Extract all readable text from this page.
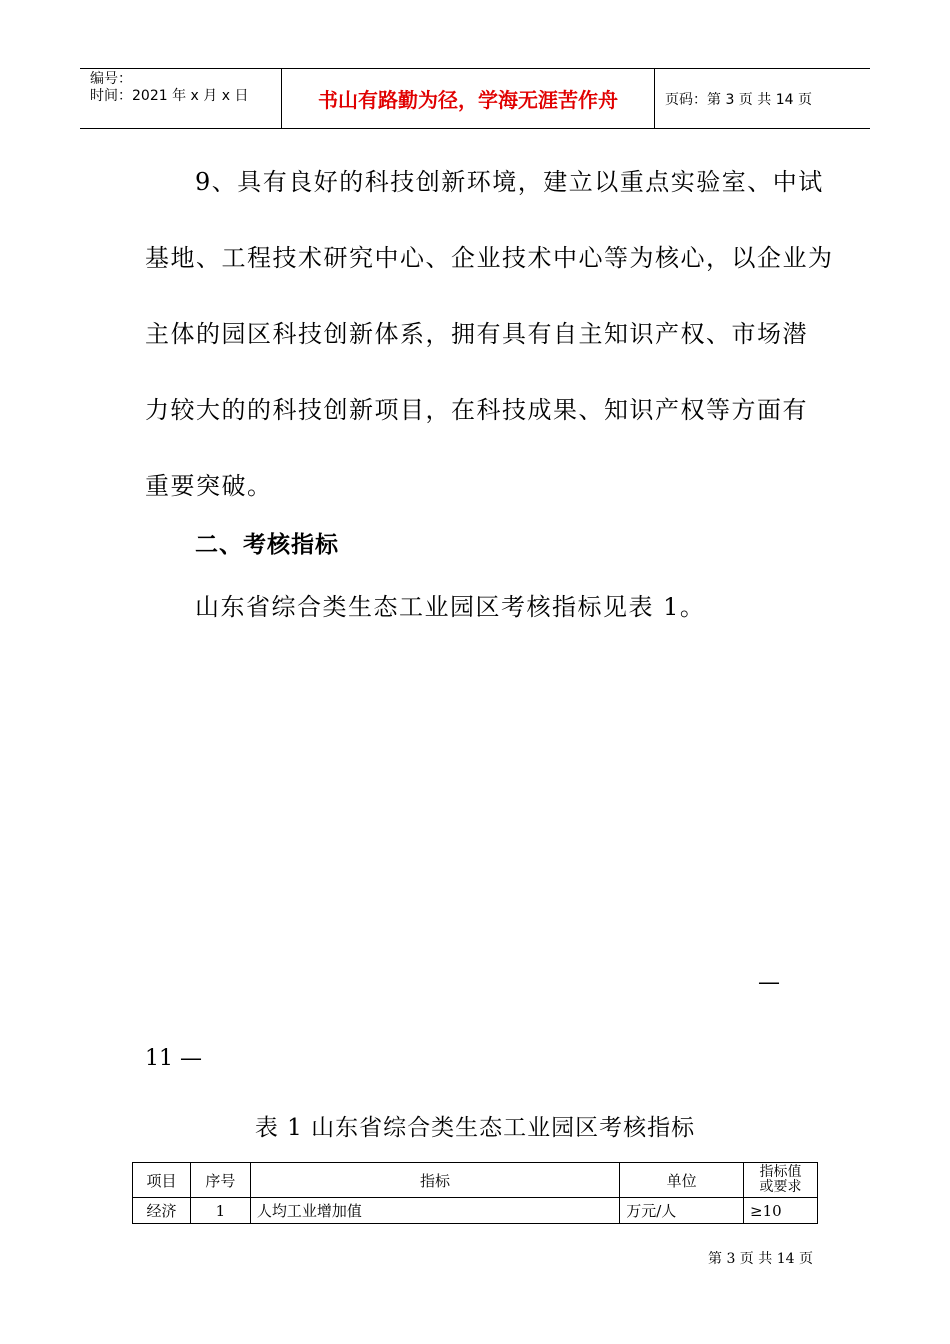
编号：
时间：2021 年 x 月 x 日	书山有路勤为径，学海无涯苦作舟	页码：第 3 页 共 14 页
9、具有良好的科技创新环境，建立以重点实验室、中试
基地、工程技术研究中心、企业技术中心等为核心，以企业为
主体的园区科技创新体系，拥有具有自主知识产权、市场潜
力较大的的科技创新项目，在科技成果、知识产权等方面有
重要突破。
二、考核指标
山东省综合类生态工业园区考核指标见表 1。
—
11 —
表 1 山东省综合类生态工业园区考核指标
项目	序号	指标	单位	指标值
或要求
经济	1	人均工业增加值	万元/人	≥10
第 3 页 共 14 页
